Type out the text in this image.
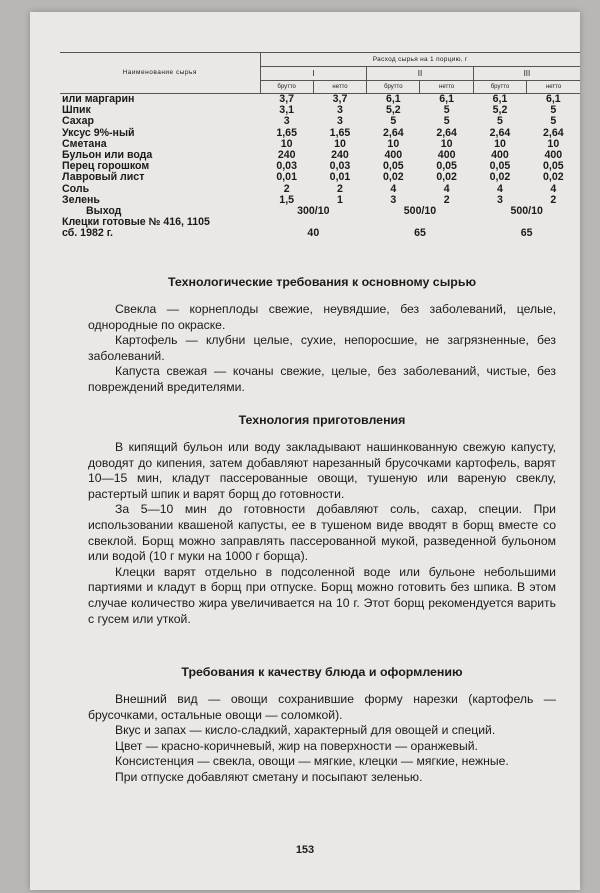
Наименование сырья	Расход сырья на 1 порцию, г					
	I		II		III	
	брутто	нетто	брутто	нетто	брутто	нетто
или маргарин	3,7	3,7	6,1	6,1	6,1	6,1
Шпик	3,1	3	5,2	5	5,2	5
Сахар	3	3	5	5	5	5
Уксус 9%-ный	1,65	1,65	2,64	2,64	2,64	2,64
Сметана	10	10	10	10	10	10
Бульон или вода	240	240	400	400	400	400
Перец горошком	0,03	0,03	0,05	0,05	0,05	0,05
Лавровый лист	0,01	0,01	0,02	0,02	0,02	0,02
Соль	2	2	4	4	4	4
Зелень	1,5	1	3	2	3	2
Выход	300/10		500/10		500/10	
Клецки готовые № 416, 1105						
сб. 1982 г.	40		65		65	
Технологические требования к основному сырью

Свекла — корнеплоды свежие, неувядшие, без заболеваний, целые, однородные по окраске.

Картофель — клубни целые, сухие, непоросшие, не загрязненные, без заболеваний.

Капуста свежая — кочаны свежие, целые, без заболеваний, чистые, без повреждений вредителями.

Технология приготовления

В кипящий бульон или воду закладывают нашинкованную свежую капусту, доводят до кипения, затем добавляют нарезанный брусочками картофель, варят 10—15 мин, кладут пассерованные овощи, тушеную или вареную свеклу, растертый шпик и варят борщ до готовности.

За 5—10 мин до готовности добавляют соль, сахар, специи. При использовании квашеной капусты, ее в тушеном виде вводят в борщ вместе со свеклой. Борщ можно заправлять пассерованной мукой, разведенной бульоном или водой (10 г муки на 1000 г борща).

Клецки варят отдельно в подсоленной воде или бульоне небольшими партиями и кладут в борщ при отпуске. Борщ можно готовить без шпика. В этом случае количество жира увеличивается на 10 г. Этот борщ рекомендуется варить с гусем или уткой.

Требования к качеству блюда и оформлению

Внешний вид — овощи сохранившие форму нарезки (картофель — брусочками, остальные овощи — соломкой).

Вкус и запах — кисло-сладкий, характерный для овощей и специй.

Цвет — красно-коричневый, жир на поверхности — оранжевый.

Консистенция — свекла, овощи — мягкие, клецки — мягкие, нежные.

При отпуске добавляют сметану и посыпают зеленью.

153
